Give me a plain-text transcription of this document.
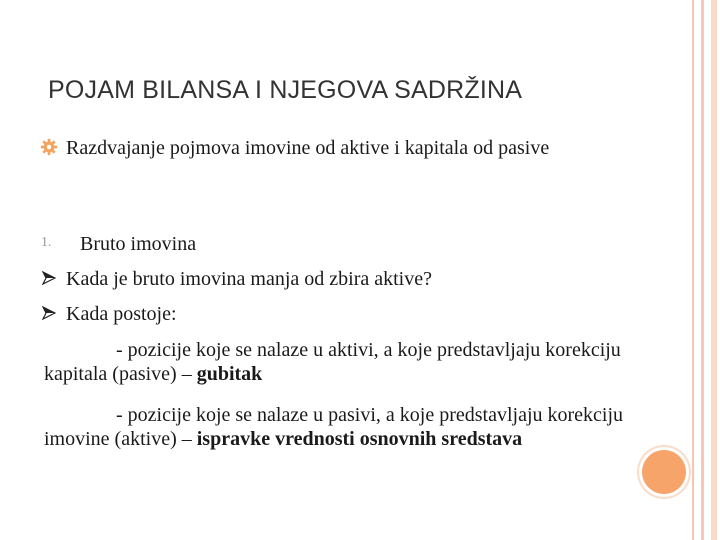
POJAM BILANSA I NJEGOVA SADRŽINA
Razdvajanje pojmova imovine od aktive i kapitala od pasive
1. Bruto imovina
Kada je bruto imovina manja od zbira aktive?
Kada postoje:
- pozicije koje se nalaze u aktivi, a koje predstavljaju korekciju kapitala (pasive) – gubitak
- pozicije koje se nalaze u pasivi, a koje predstavljaju korekciju imovine (aktive) – ispravke vrednosti osnovnih sredstava
